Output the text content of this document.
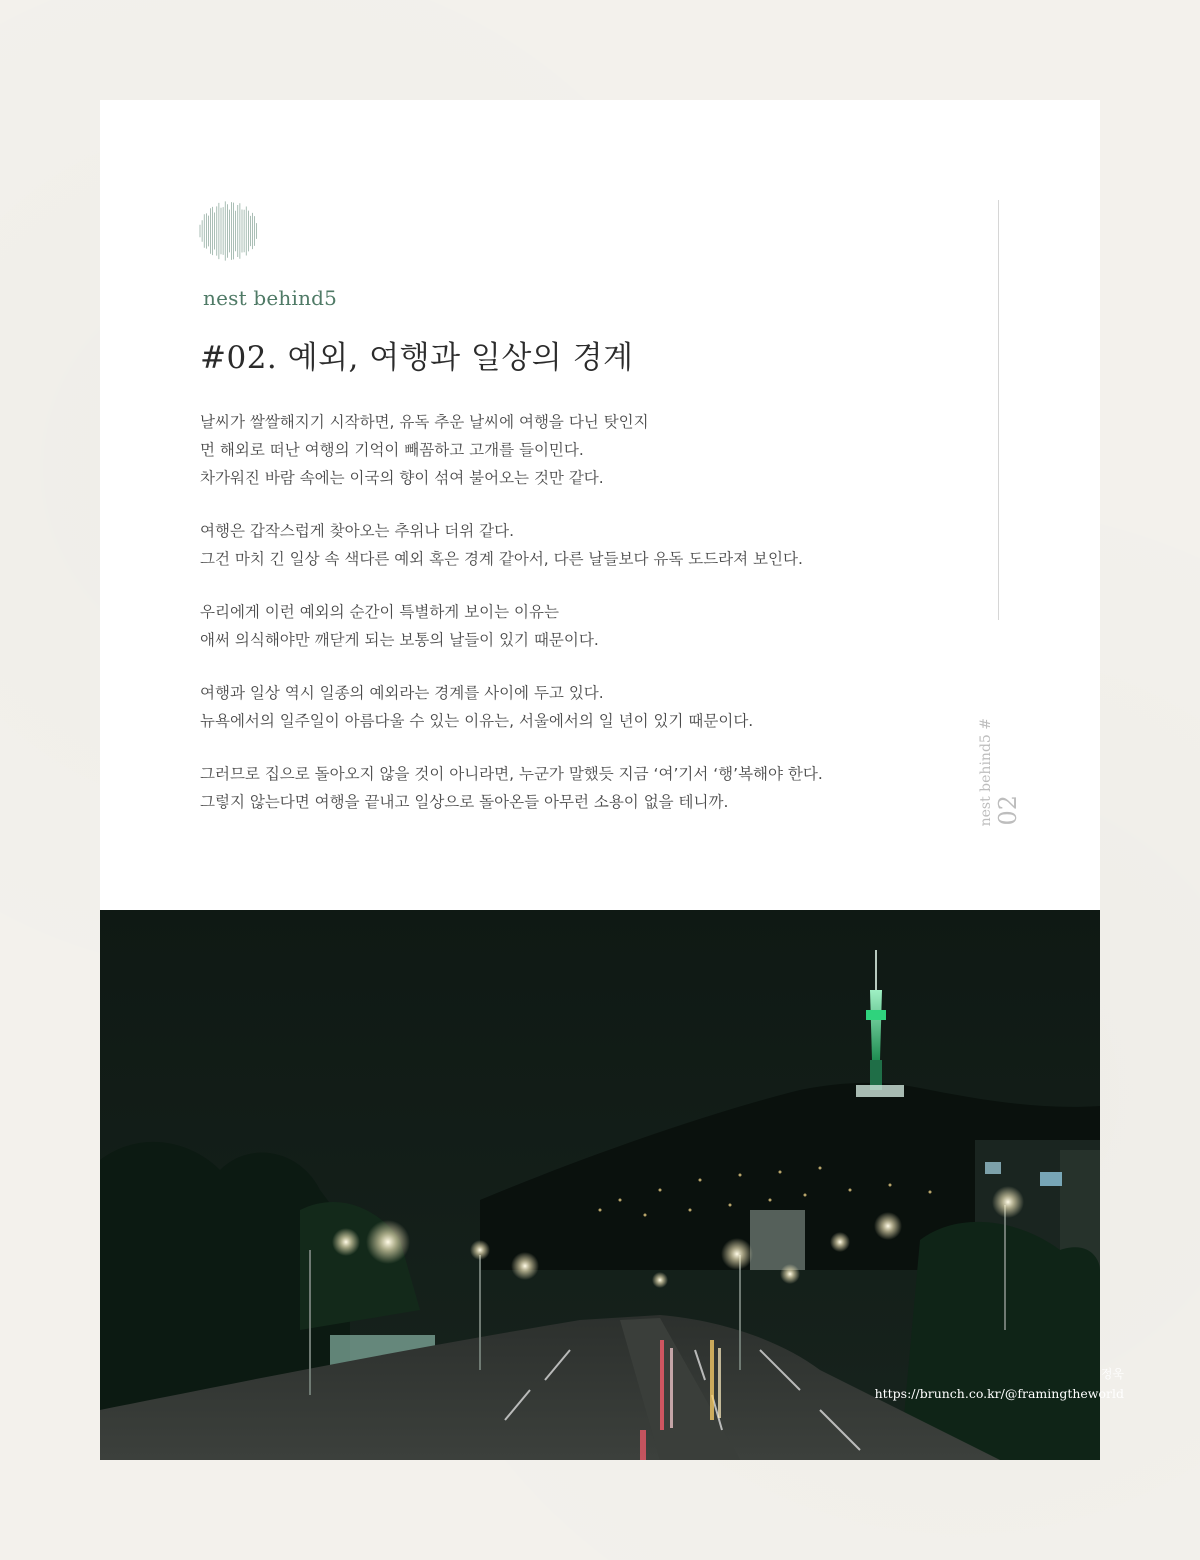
nest behind5
#02. 예외, 여행과 일상의 경계

날씨가 쌀쌀해지기 시작하면, 유독 추운 날씨에 여행을 다닌 탓인지

먼 해외로 떠난 여행의 기억이 빼꼼하고 고개를 들이민다.

차가워진 바람 속에는 이국의 향이 섞여 불어오는 것만 같다.

여행은 갑작스럽게 찾아오는 추위나 더위 같다.

그건 마치 긴 일상 속 색다른 예외 혹은 경계 같아서, 다른 날들보다 유독 도드라져 보인다.

우리에게 이런 예외의 순간이 특별하게 보이는 이유는

애써 의식해야만 깨닫게 되는 보통의 날들이 있기 때문이다.

여행과 일상 역시 일종의 예외라는 경계를 사이에 두고 있다.

뉴욕에서의 일주일이 아름다울 수 있는 이유는, 서울에서의 일 년이 있기 때문이다.

그러므로 집으로 돌아오지 않을 것이 아니라면, 누군가 말했듯 지금 ‘여’기서 ‘행’복해야 한다.

그렇지 않는다면 여행을 끝내고 일상으로 돌아온들 아무런 소용이 없을 테니까.	nest behind5 # 02
정욱
https://brunch.co.kr/@framingtheworld
